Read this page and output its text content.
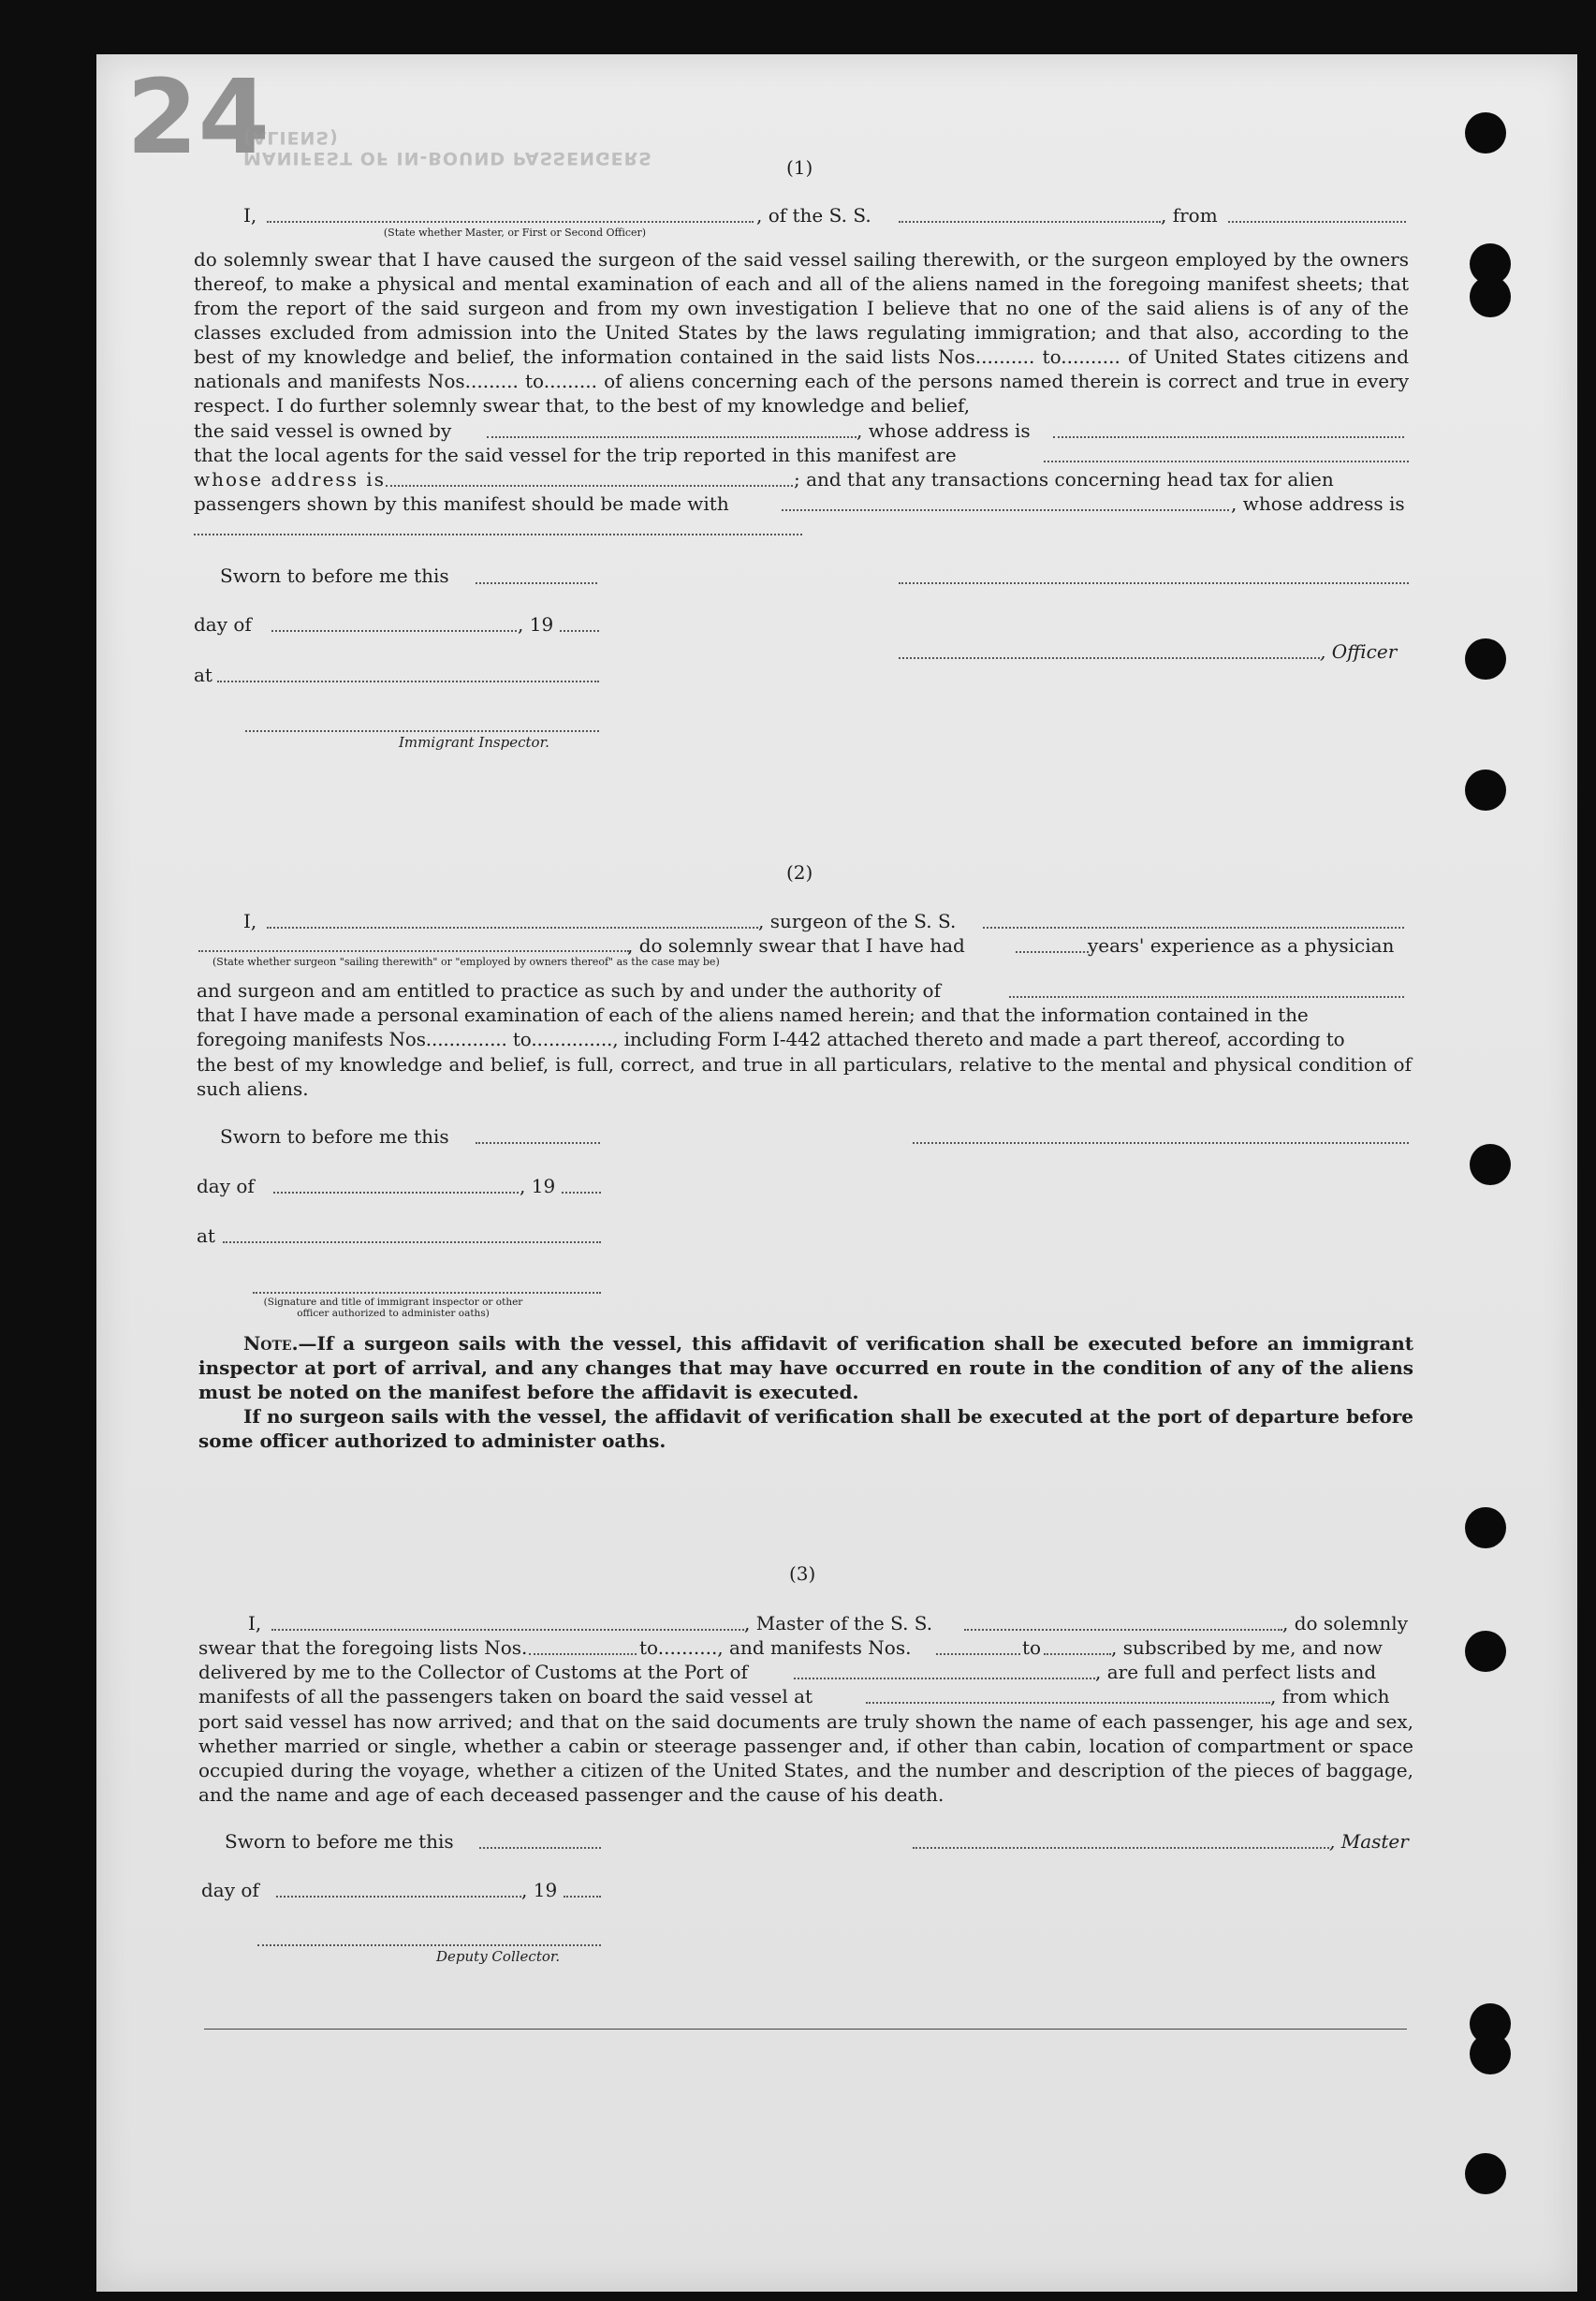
24
MANIFEST OF IN-BOUND PASSENGERS (ALIENS)
(1)
I,
(State whether Master, or First or Second Officer)
, of the S. S.	, from
do solemnly swear that I have caused the surgeon of the said vessel sailing therewith, or the surgeon employed by the owners thereof, to make a physical and mental examination of each and all of the aliens named in the foregoing manifest sheets; that from the report of the said surgeon and from my own investigation I believe that no one of the said aliens is of any of the classes excluded from admission into the United States by the laws regulating immigration; and that also, according to the best of my knowledge and belief, the information contained in the said lists Nos.......... to.......... of United States citizens and nationals and manifests Nos......... to......... of aliens concerning each of the persons named therein is correct and true in every respect. I do further solemnly swear that, to the best of my knowledge and belief,
the said vessel is owned by	, whose address is
that the local agents for the said vessel for the trip reported in this manifest are
whose address is	; and that any transactions concerning head tax for alien
passengers shown by this manifest should be made with	, whose address is
Sworn to before me this
day of	, 19
, Officer
at
Immigrant Inspector.
(2)
I,	, surgeon of the S. S.
, do solemnly swear that I have had	years' experience as a physician
(State whether surgeon "sailing therewith" or "employed by owners thereof" as the case may be)
and surgeon and am entitled to practice as such by and under the authority of
that I have made a personal examination of each of the aliens named herein; and that the information contained in the
foregoing manifests Nos.............. to.............., including Form I-442 attached thereto and made a part thereof, according to
the best of my knowledge and belief, is full, correct, and true in all particulars, relative to the mental and physical condition of such aliens.
Sworn to before me this
day of	, 19
at
(Signature and title of immigrant inspector or other officer authorized to administer oaths)
Note.—If a surgeon sails with the vessel, this affidavit of verification shall be executed before an immigrant inspector at port of arrival, and any changes that may have occurred en route in the condition of any of the aliens must be noted on the manifest before the affidavit is executed.
If no surgeon sails with the vessel, the affidavit of verification shall be executed at the port of departure before some officer authorized to administer oaths.
(3)
I,	, Master of the S. S.	, do solemnly
swear that the foregoing lists Nos.	to.........., and manifests Nos.	to	, subscribed by me, and now
delivered by me to the Collector of Customs at the Port of	, are full and perfect lists and
manifests of all the passengers taken on board the said vessel at	, from which
port said vessel has now arrived; and that on the said documents are truly shown the name of each passenger, his age and sex, whether married or single, whether a cabin or steerage passenger and, if other than cabin, location of compartment or space occupied during the voyage, whether a citizen of the United States, and the number and description of the pieces of baggage, and the name and age of each deceased passenger and the cause of his death.
Sworn to before me this	, Master
day of	, 19
Deputy Collector.
